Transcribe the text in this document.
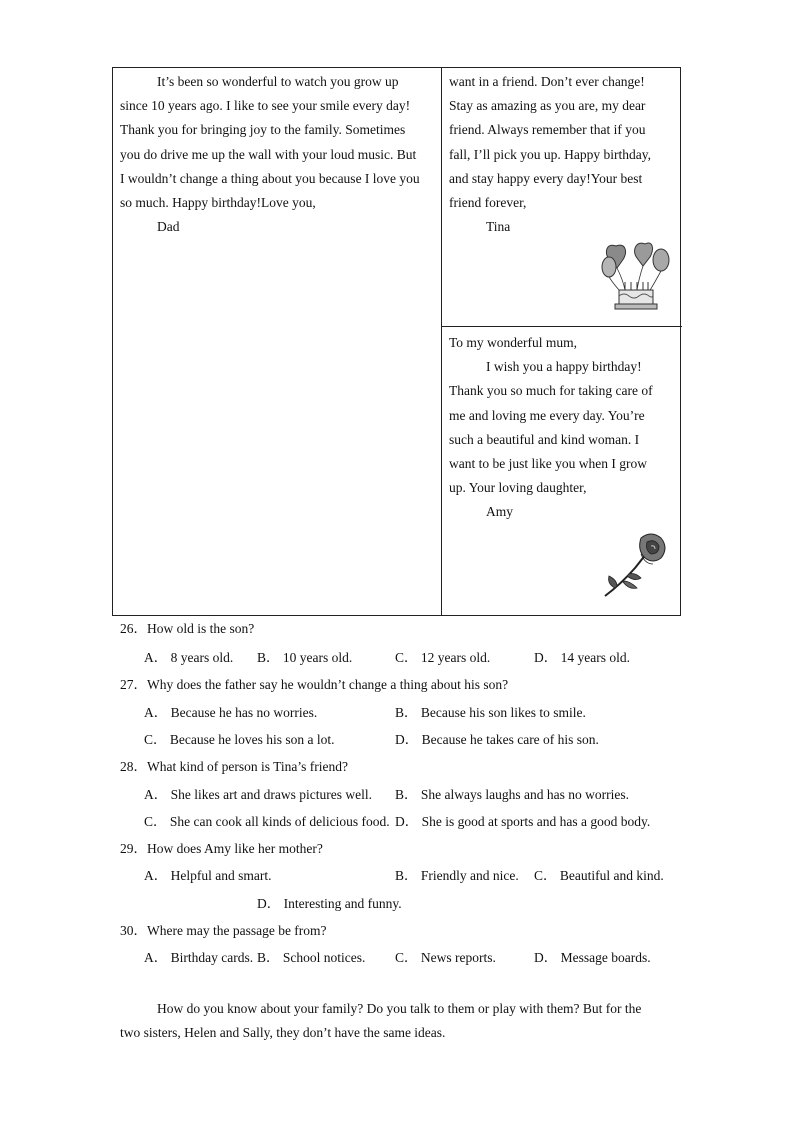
It’s been so wonderful to watch you grow up
since 10 years ago. I like to see your smile every day!
Thank you for bringing joy to the family. Sometimes
you do drive me up the wall with your loud music. But
I wouldn’t change a thing about you because I love you
so much. Happy birthday!Love you,
Dad
want in a friend. Don’t ever change!
Stay as amazing as you are, my dear
friend. Always remember that if you
fall, I’ll pick you up. Happy birthday,
and stay happy every day!Your best
friend forever,
Tina
To my wonderful mum,
I wish you a happy birthday!
Thank you so much for taking care of
me and loving me every day. You’re
such a beautiful and kind woman. I
want to be just like you when I grow
up. Your loving daughter,
Amy
26．How old is the son?
A． 8 years old. B． 10 years old.	C． 12 years old.	D． 14 years old.
27．Why does the father say he wouldn’t change a thing about his son?
A． Because he has no worries.	B． Because his son likes to smile.
C． Because he loves his son a lot.	D． Because he takes care of his son.
28．What kind of person is Tina’s friend?
A． She likes art and draws pictures well. B． She always laughs and has no worries.
C． She can cook all kinds of delicious food. D． She is good at sports and has a good body.
29．How does Amy like her mother?
A． Helpful and smart.	B． Friendly and nice. C． Beautiful and kind.
D． Interesting and funny.
30．Where may the passage be from?
A． Birthday cards. B． School notices. C． News reports.	D． Message boards.
How do you know about your family? Do you talk to them or play with them? But for the
two sisters, Helen and Sally, they don’t have the same ideas.
